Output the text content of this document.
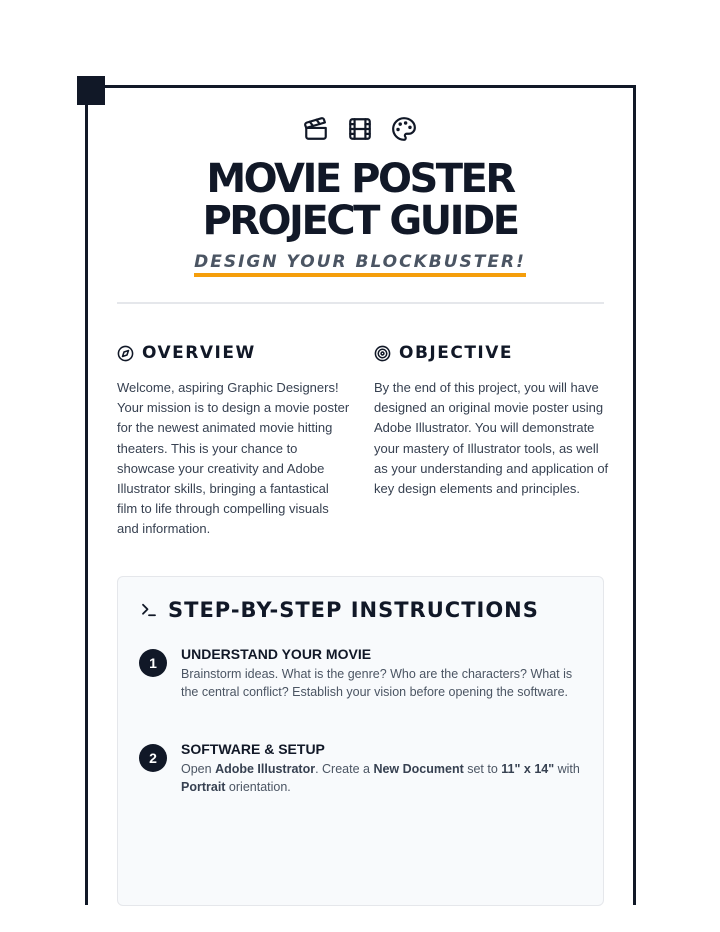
MOVIE POSTER
PROJECT GUIDE
DESIGN YOUR BLOCKBUSTER!
OVERVIEW

Welcome, aspiring Graphic Designers! Your mission is to design a movie poster for the newest animated movie hitting theaters. This is your chance to showcase your creativity and Adobe Illustrator skills, bringing a fantastical film to life through compelling visuals and information.

OBJECTIVE

By the end of this project, you will have designed an original movie poster using Adobe Illustrator. You will demonstrate your mastery of Illustrator tools, as well as your understanding and application of key design elements and principles.

STEP-BY-STEP INSTRUCTIONS
1
UNDERSTAND YOUR MOVIE

Brainstorm ideas. What is the genre? Who are the characters? What is the central conflict? Establish your vision before opening the software.

2
SOFTWARE & SETUP

Open Adobe Illustrator. Create a New Document set to 11" x 14" with Portrait orientation.
